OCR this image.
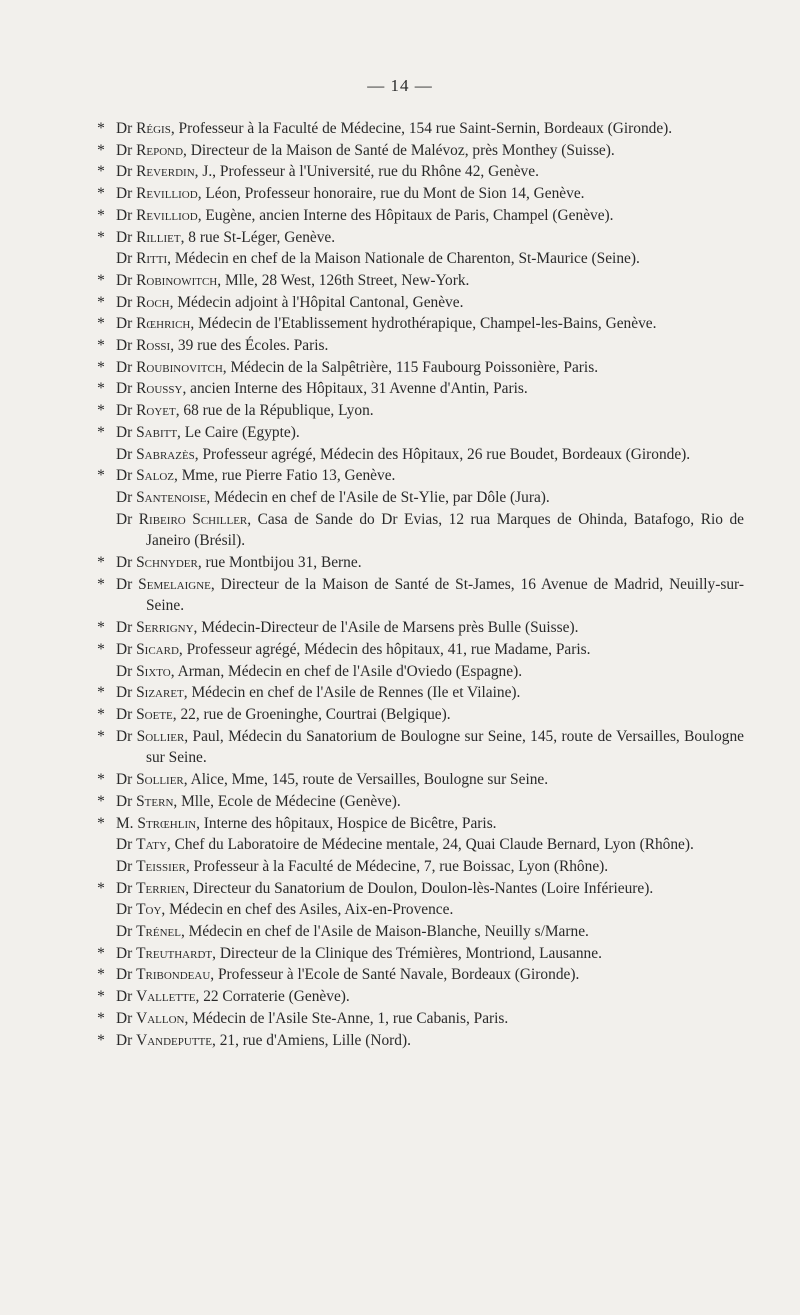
— 14 —
* Dr Régis, Professeur à la Faculté de Médecine, 154 rue Saint-Sernin, Bordeaux (Gironde).
* Dr Repond, Directeur de la Maison de Santé de Malévoz, près Monthey (Suisse).
* Dr Reverdin, J., Professeur à l'Université, rue du Rhône 42, Genève.
* Dr Revilliod, Léon, Professeur honoraire, rue du Mont de Sion 14, Genève.
* Dr Revilliod, Eugène, ancien Interne des Hôpitaux de Paris, Champel (Genève).
* Dr Rilliet, 8 rue St-Léger, Genève.
Dr Ritti, Médecin en chef de la Maison Nationale de Charenton, St-Maurice (Seine).
* Dr Robinowitch, Mlle, 28 West, 126th Street, New-York.
* Dr Roch, Médecin adjoint à l'Hôpital Cantonal, Genève.
* Dr Rœhrich, Médecin de l'Etablissement hydrothérapique, Champel-les-Bains, Genève.
* Dr Rossi, 39 rue des Écoles. Paris.
* Dr Roubinovitch, Médecin de la Salpêtrière, 115 Faubourg Poissonière, Paris.
* Dr Roussy, ancien Interne des Hôpitaux, 31 Avenne d'Antin, Paris.
* Dr Royet, 68 rue de la République, Lyon.
* Dr Sabitt, Le Caire (Egypte).
Dr Sabrazès, Professeur agrégé, Médecin des Hôpitaux, 26 rue Boudet, Bordeaux (Gironde).
* Dr Saloz, Mme, rue Pierre Fatio 13, Genève.
Dr Santenoise, Médecin en chef de l'Asile de St-Ylie, par Dôle (Jura).
Dr Ribeiro Schiller, Casa de Sande do Dr Evias, 12 rua Marques de Ohinda, Batafogo, Rio de Janeiro (Brésil).
* Dr Schnyder, rue Montbijou 31, Berne.
* Dr Semelaigne, Directeur de la Maison de Santé de St-James, 16 Avenue de Madrid, Neuilly-sur-Seine.
* Dr Serrigny, Médecin-Directeur de l'Asile de Marsens près Bulle (Suisse).
* Dr Sicard, Professeur agrégé, Médecin des hôpitaux, 41, rue Madame, Paris.
Dr Sixto, Arman, Médecin en chef de l'Asile d'Oviedo (Espagne).
* Dr Sizaret, Médecin en chef de l'Asile de Rennes (Ile et Vilaine).
* Dr Soete, 22, rue de Groeninghe, Courtrai (Belgique).
* Dr Sollier, Paul, Médecin du Sanatorium de Boulogne sur Seine, 145, route de Versailles, Boulogne sur Seine.
* Dr Sollier, Alice, Mme, 145, route de Versailles, Boulogne sur Seine.
* Dr Stern, Mlle, Ecole de Médecine (Genève).
* M. Strœhlin, Interne des hôpitaux, Hospice de Bicêtre, Paris.
Dr Taty, Chef du Laboratoire de Médecine mentale, 24, Quai Claude Bernard, Lyon (Rhône).
Dr Teissier, Professeur à la Faculté de Médecine, 7, rue Boissac, Lyon (Rhône).
* Dr Terrien, Directeur du Sanatorium de Doulon, Doulon-lès-Nantes (Loire Inférieure).
Dr Toy, Médecin en chef des Asiles, Aix-en-Provence.
Dr Trénel, Médecin en chef de l'Asile de Maison-Blanche, Neuilly s/Marne.
* Dr Treuthardt, Directeur de la Clinique des Trémières, Montriond, Lausanne.
* Dr Tribondeau, Professeur à l'Ecole de Santé Navale, Bordeaux (Gironde).
* Dr Vallette, 22 Corraterie (Genève).
* Dr Vallon, Médecin de l'Asile Ste-Anne, 1, rue Cabanis, Paris.
* Dr Vandeputte, 21, rue d'Amiens, Lille (Nord).
